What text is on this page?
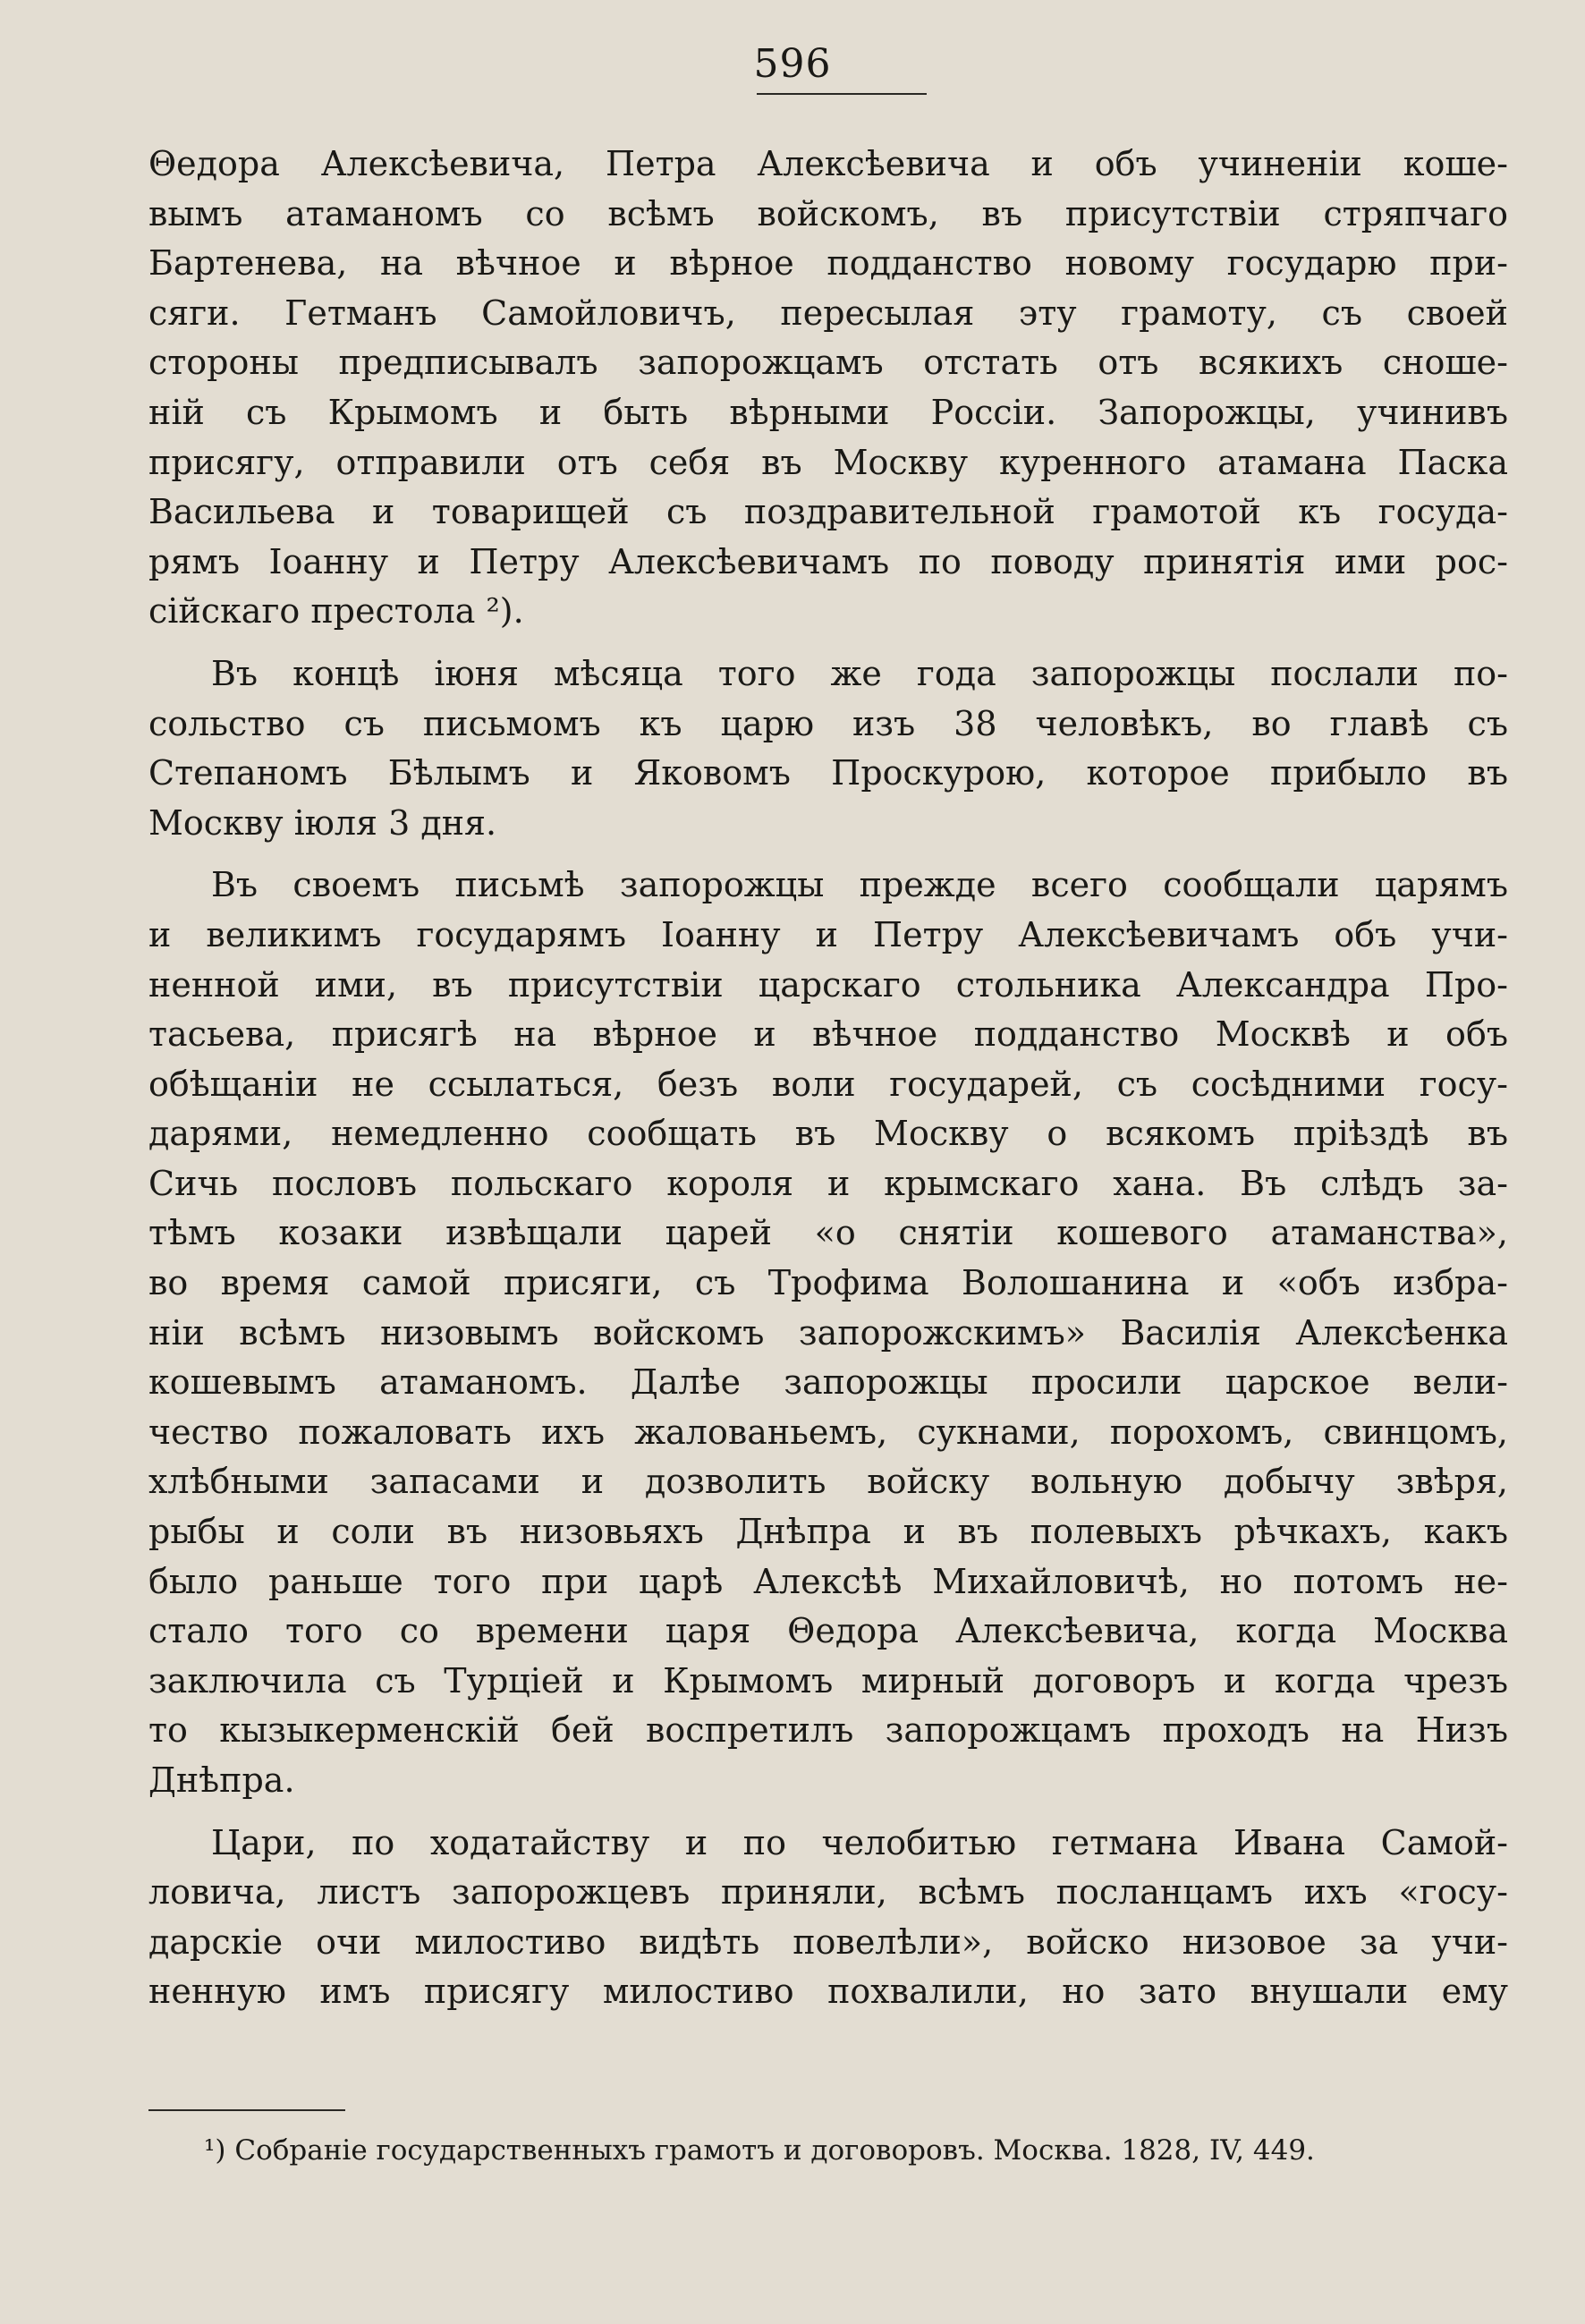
596
Θедора Алексѣевича, Петра Алексѣевича и объ учиненіи коше-
вымъ атаманомъ со всѣмъ войскомъ, въ присутствіи стряпчаго
Бартенева, на вѣчное и вѣрное подданство новому государю при-
сяги. Гетманъ Самойловичъ, пересылая эту грамоту, съ своей
стороны предписывалъ запорожцамъ отстать отъ всякихъ сноше-
ній съ Крымомъ и быть вѣрными Россіи. Запорожцы, учинивъ
присягу, отправили отъ себя въ Москву куренного атамана Паска
Васильева и товарищей съ поздравительной грамотой къ госуда-
рямъ Іоанну и Петру Алексѣевичамъ по поводу принятія ими рос-
сійскаго престола ²).
Въ концѣ іюня мѣсяца того же года запорожцы послали по-
сольство съ письмомъ къ царю изъ 38 человѣкъ, во главѣ съ
Степаномъ Бѣлымъ и Яковомъ Проскурою, которое прибыло въ
Москву іюля 3 дня.
Въ своемъ письмѣ запорожцы прежде всего сообщали царямъ
и великимъ государямъ Іоанну и Петру Алексѣевичамъ объ учи-
ненной ими, въ присутствіи царскаго стольника Александра Про-
тасьева, присягѣ на вѣрное и вѣчное подданство Москвѣ и объ
обѣщаніи не ссылаться, безъ воли государей, съ сосѣдними госу-
дарями, немедленно сообщать въ Москву о всякомъ пріѣздѣ въ
Сичь пословъ польскаго короля и крымскаго хана. Въ слѣдъ за-
тѣмъ козаки извѣщали царей «о снятіи кошевого атаманства»,
во время самой присяги, съ Трофима Волошанина и «объ избра-
ніи всѣмъ низовымъ войскомъ запорожскимъ» Василія Алексѣенка
кошевымъ атаманомъ. Далѣе запорожцы просили царское вели-
чество пожаловать ихъ жалованьемъ, сукнами, порохомъ, свинцомъ,
хлѣбными запасами и дозволить войску вольную добычу звѣря,
рыбы и соли въ низовьяхъ Днѣпра и въ полевыхъ рѣчкахъ, какъ
было раньше того при царѣ Алексѣѣ Михайловичѣ, но потомъ не-
стало того со времени царя Θедора Алексѣевича, когда Москва
заключила съ Турціей и Крымомъ мирный договоръ и когда чрезъ
то кызыкерменскій бей воспретилъ запорожцамъ проходъ на Низъ
Днѣпра.
Цари, по ходатайству и по челобитью гетмана Ивана Самой-
ловича, листъ запорожцевъ приняли, всѣмъ посланцамъ ихъ «госу-
дарскіе очи милостиво видѣть повелѣли», войско низовое за учи-
ненную имъ присягу милостиво похвалили, но зато внушали ему
¹) Собраніе государственныхъ грамотъ и договоровъ. Москва. 1828, IV, 449.
